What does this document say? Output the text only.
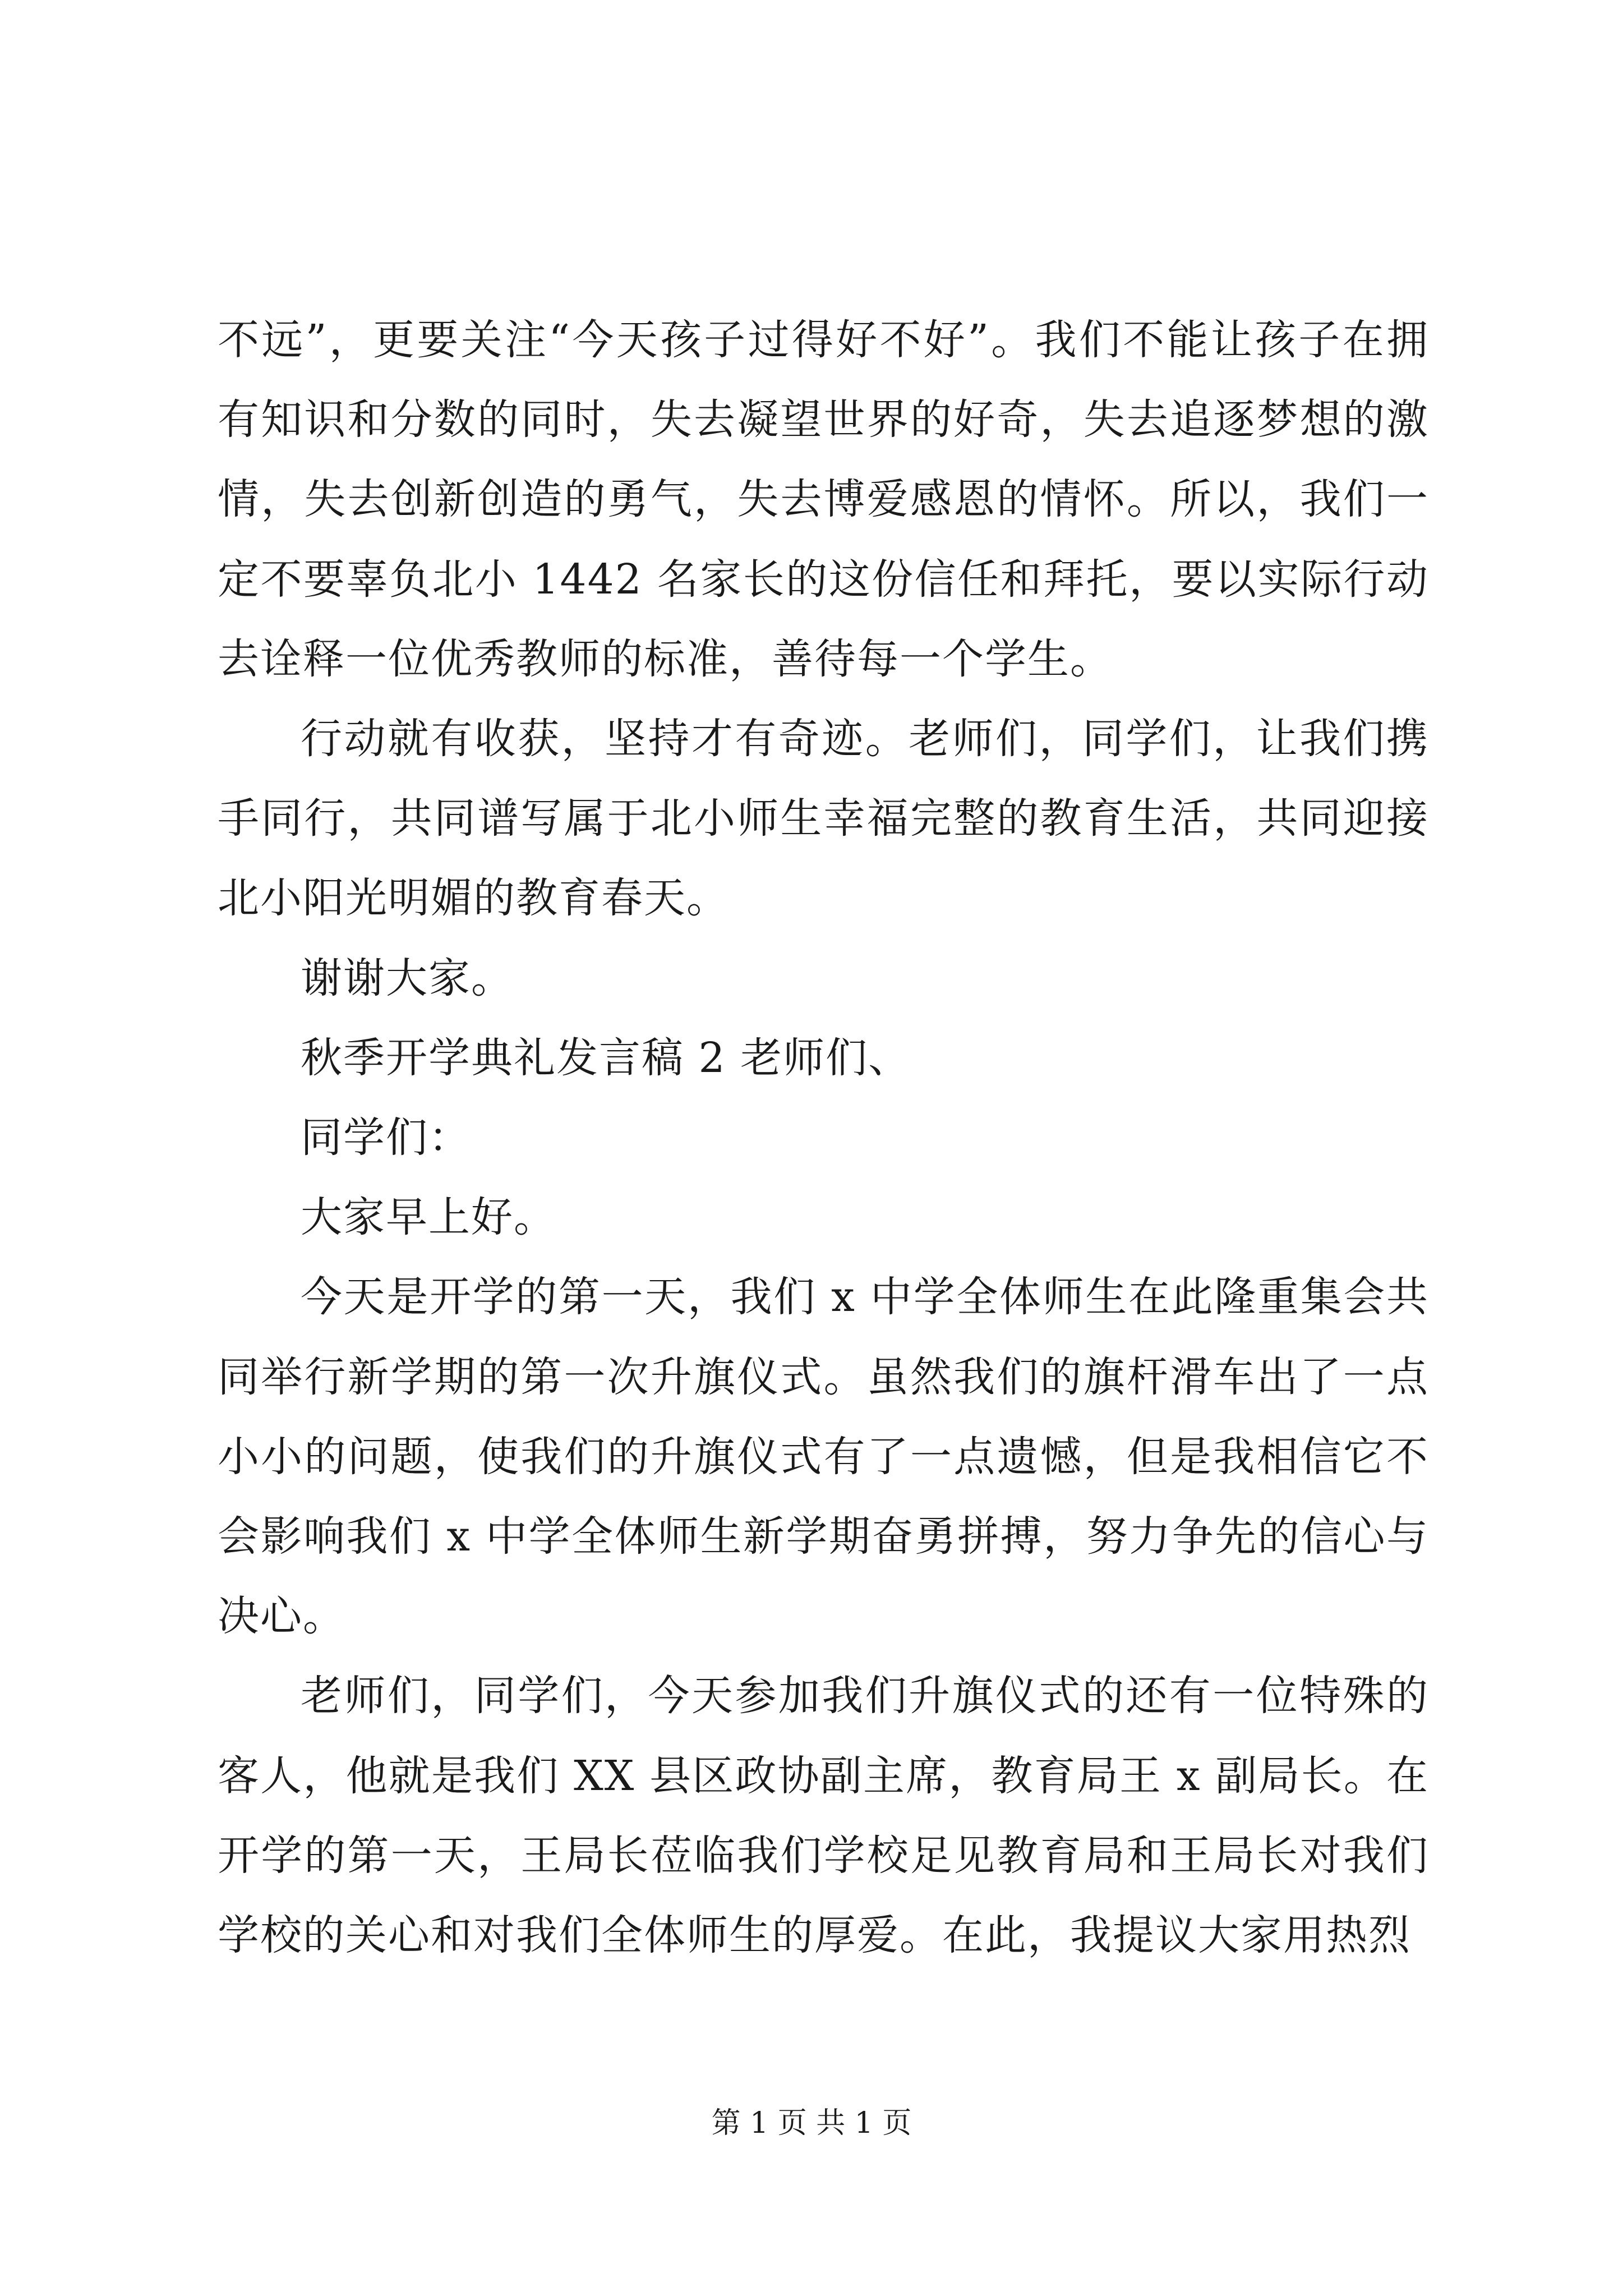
不远”，更要关注“今天孩子过得好不好”。我们不能让孩子在拥有知识和分数的同时，失去凝望世界的好奇，失去追逐梦想的激情，失去创新创造的勇气，失去博爱感恩的情怀。所以，我们一定不要辜负北小 1442 名家长的这份信任和拜托，要以实际行动去诠释一位优秀教师的标准，善待每一个学生。

行动就有收获，坚持才有奇迹。老师们，同学们，让我们携手同行，共同谱写属于北小师生幸福完整的教育生活，共同迎接北小阳光明媚的教育春天。

谢谢大家。

秋季开学典礼发言稿 2 老师们、

同学们：

大家早上好。

今天是开学的第一天，我们 x 中学全体师生在此隆重集会共同举行新学期的第一次升旗仪式。虽然我们的旗杆滑车出了一点小小的问题，使我们的升旗仪式有了一点遗憾，但是我相信它不会影响我们 x 中学全体师生新学期奋勇拼搏，努力争先的信心与决心。

老师们，同学们，今天参加我们升旗仪式的还有一位特殊的客人，他就是我们 XX 县区政协副主席，教育局王 x 副局长。在开学的第一天，王局长莅临我们学校足见教育局和王局长对我们学校的关心和对我们全体师生的厚爱。在此，我提议大家用热烈

第 1 页 共 1 页
